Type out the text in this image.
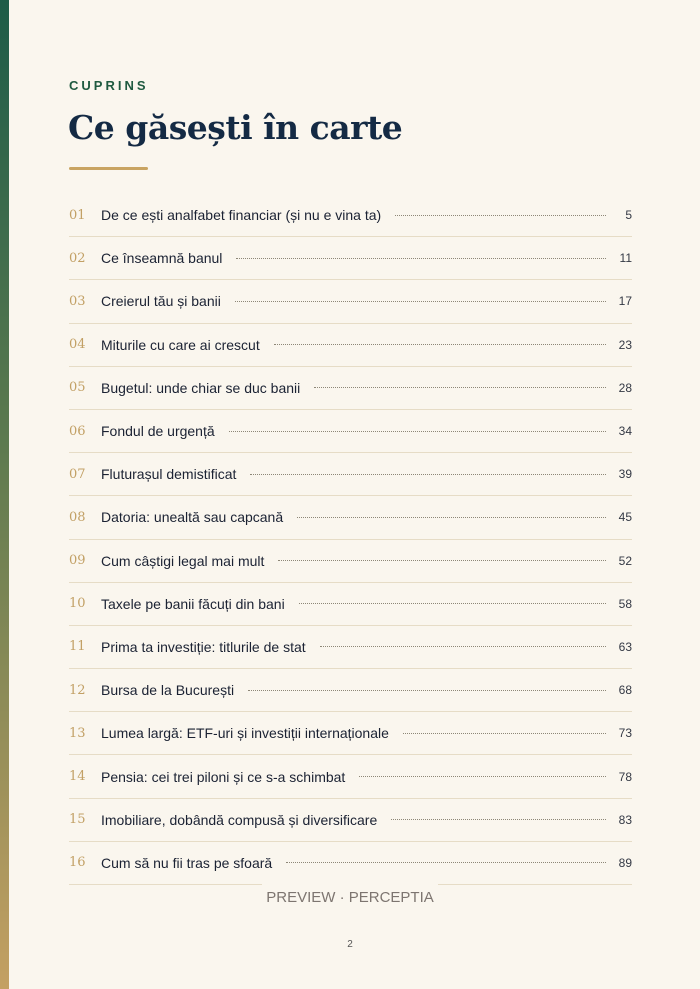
CUPRINS
Ce găsești în carte
01	De ce ești analfabet financiar (și nu e vina ta)	5
02	Ce înseamnă banul	11
03	Creierul tău și banii	17
04	Miturile cu care ai crescut	23
05	Bugetul: unde chiar se duc banii	28
06	Fondul de urgență	34
07	Fluturașul demistificat	39
08	Datoria: unealtă sau capcană	45
09	Cum câștigi legal mai mult	52
10	Taxele pe banii făcuți din bani	58
11	Prima ta investiție: titlurile de stat	63
12	Bursa de la București	68
13	Lumea largă: ETF-uri și investiții internaționale	73
14	Pensia: cei trei piloni și ce s-a schimbat	78
15	Imobiliare, dobândă compusă și diversificare	83
16	Cum să nu fii tras pe sfoară	89
PREVIEW · PERCEPTIA
2
